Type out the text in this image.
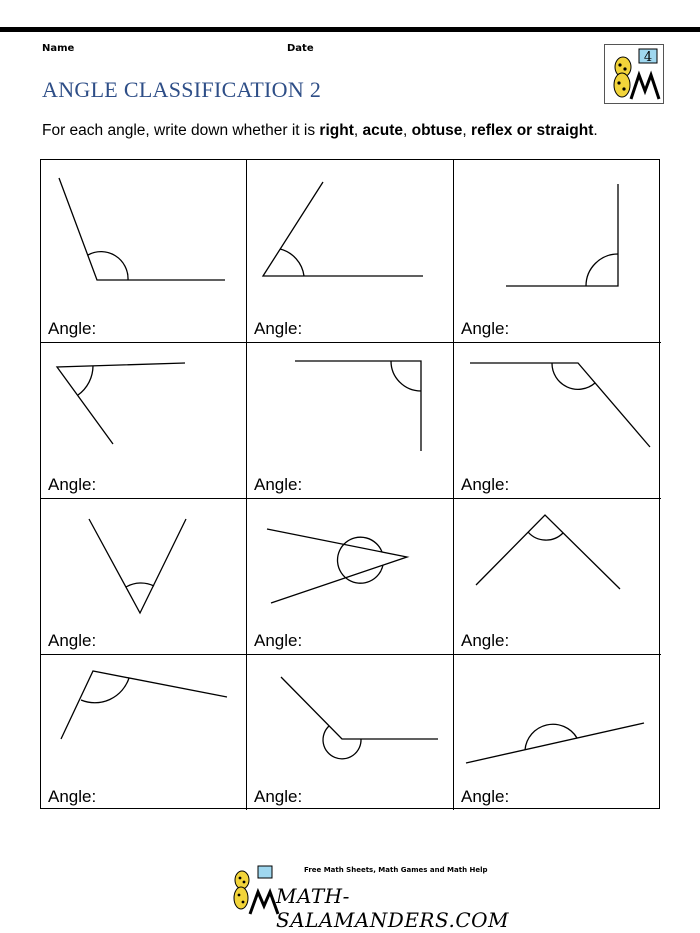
Name	Date
ANGLE CLASSIFICATION 2
4
For each angle, write down whether it is right, acute, obtuse, reflex or straight.
Angle:	Angle:	Angle:
Angle:	Angle:	Angle:
Angle:	Angle:	Angle:
Angle:	Angle:	Angle:
Free Math Sheets, Math Games and Math Help
MATH-SALAMANDERS.COM
